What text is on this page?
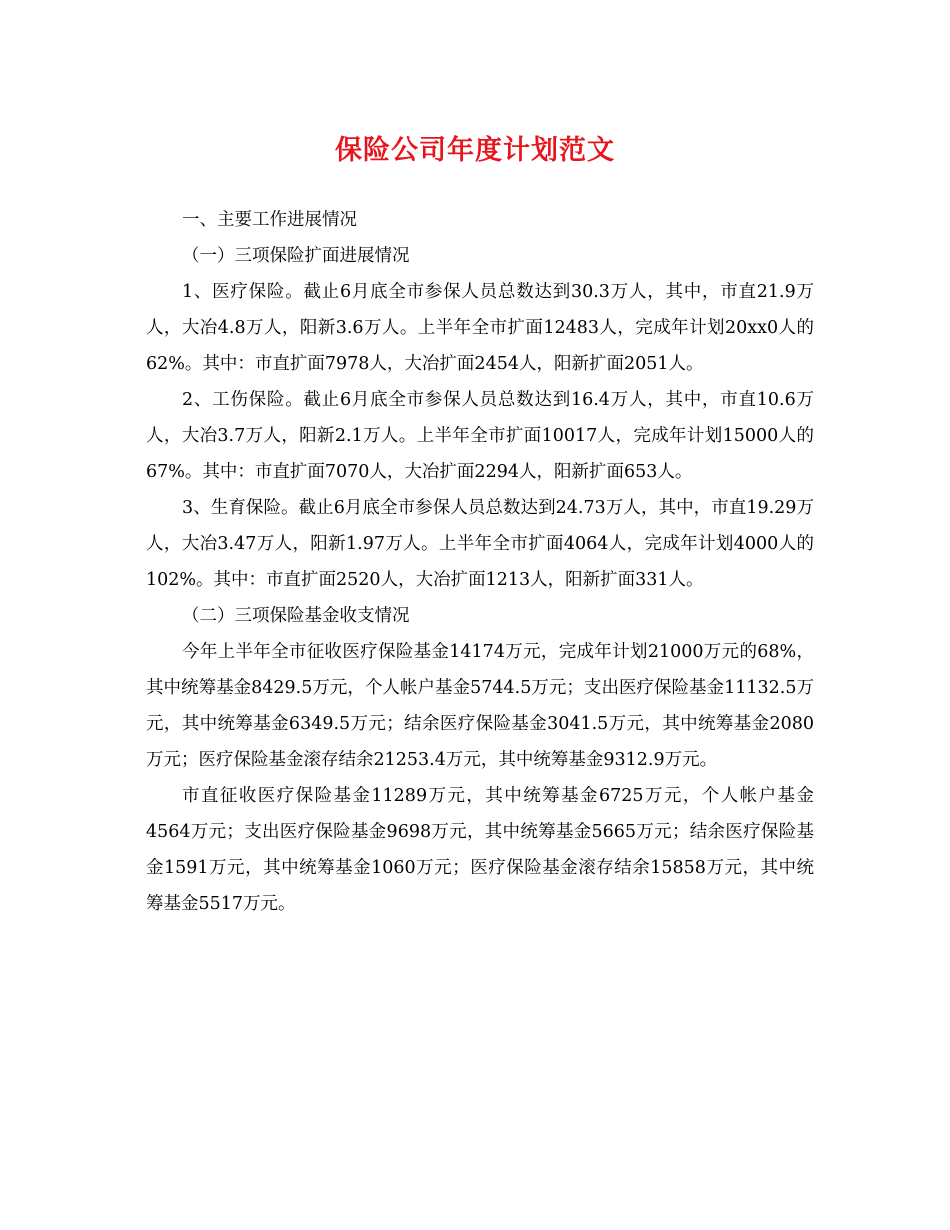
保险公司年度计划范文

一、主要工作进展情况

（一）三项保险扩面进展情况

1、医疗保险。截止6月底全市参保人员总数达到30.3万人，其中，市直21.9万人，大冶4.8万人，阳新3.6万人。上半年全市扩面12483人，完成年计划20xx0人的62%。其中：市直扩面7978人，大冶扩面2454人，阳新扩面2051人。

2、工伤保险。截止6月底全市参保人员总数达到16.4万人，其中，市直10.6万人，大冶3.7万人，阳新2.1万人。上半年全市扩面10017人，完成年计划15000人的67%。其中：市直扩面7070人，大冶扩面2294人，阳新扩面653人。

3、生育保险。截止6月底全市参保人员总数达到24.73万人，其中，市直19.29万人，大冶3.47万人，阳新1.97万人。上半年全市扩面4064人，完成年计划4000人的102%。其中：市直扩面2520人，大冶扩面1213人，阳新扩面331人。

（二）三项保险基金收支情况

今年上半年全市征收医疗保险基金14174万元，完成年计划21000万元的68%，其中统筹基金8429.5万元，个人帐户基金5744.5万元；支出医疗保险基金11132.5万元，其中统筹基金6349.5万元；结余医疗保险基金3041.5万元，其中统筹基金2080万元；医疗保险基金滚存结余21253.4万元，其中统筹基金9312.9万元。

市直征收医疗保险基金11289万元，其中统筹基金6725万元，个人帐户基金4564万元；支出医疗保险基金9698万元，其中统筹基金5665万元；结余医疗保险基金1591万元，其中统筹基金1060万元；医疗保险基金滚存结余15858万元，其中统筹基金5517万元。
